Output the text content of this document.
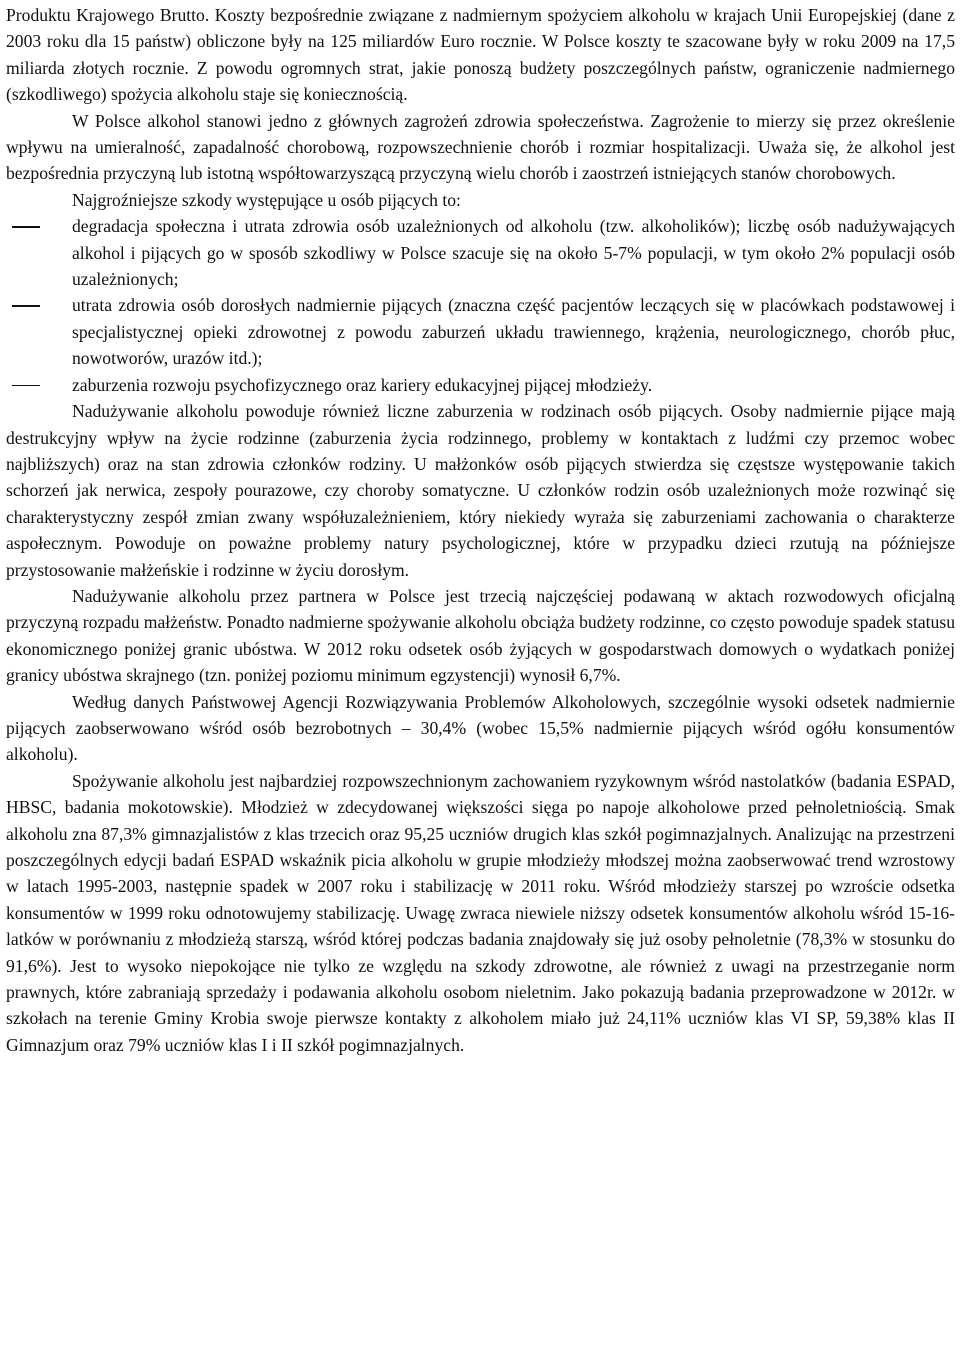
Produktu Krajowego Brutto. Koszty bezpośrednie związane z nadmiernym spożyciem alkoholu w krajach Unii Europejskiej (dane z 2003 roku dla 15 państw) obliczone były na 125 miliardów Euro rocznie. W Polsce koszty te szacowane były w roku 2009 na 17,5 miliarda złotych rocznie. Z powodu ogromnych strat, jakie ponoszą budżety poszczególnych państw, ograniczenie nadmiernego (szkodliwego) spożycia alkoholu staje się koniecznością.

W Polsce alkohol stanowi jedno z głównych zagrożeń zdrowia społeczeństwa. Zagrożenie to mierzy się przez określenie wpływu na umieralność, zapadalność chorobową, rozpowszechnienie chorób i rozmiar hospitalizacji. Uważa się, że alkohol jest bezpośrednia przyczyną lub istotną współtowarzyszącą przyczyną wielu chorób i zaostrzeń istniejących stanów chorobowych.

Najgroźniejsze szkody występujące u osób pijących to:

degradacja społeczna i utrata zdrowia osób uzależnionych od alkoholu (tzw. alkoholików); liczbę osób nadużywających alkohol i pijących go w sposób szkodliwy w Polsce szacuje się na około 5-7% populacji, w tym około 2% populacji osób uzależnionych;
utrata zdrowia osób dorosłych nadmiernie pijących (znaczna część pacjentów leczących się w placówkach podstawowej i specjalistycznej opieki zdrowotnej z powodu zaburzeń układu trawiennego, krążenia, neurologicznego, chorób płuc, nowotworów, urazów itd.);
zaburzenia rozwoju psychofizycznego oraz kariery edukacyjnej pijącej młodzieży.

Nadużywanie alkoholu powoduje również liczne zaburzenia w rodzinach osób pijących. Osoby nadmiernie pijące mają destrukcyjny wpływ na życie rodzinne (zaburzenia życia rodzinnego, problemy w kontaktach z ludźmi czy przemoc wobec najbliższych) oraz na stan zdrowia członków rodziny. U małżonków osób pijących stwierdza się częstsze występowanie takich schorzeń jak nerwica, zespoły pourazowe, czy choroby somatyczne. U członków rodzin osób uzależnionych może rozwinąć się charakterystyczny zespół zmian zwany współuzależnieniem, który niekiedy wyraża się zaburzeniami zachowania o charakterze aspołecznym. Powoduje on poważne problemy natury psychologicznej, które w przypadku dzieci rzutują na późniejsze przystosowanie małżeńskie i rodzinne w życiu dorosłym.

Nadużywanie alkoholu przez partnera w Polsce jest trzecią najczęściej podawaną w aktach rozwodowych oficjalną przyczyną rozpadu małżeństw. Ponadto nadmierne spożywanie alkoholu obciąża budżety rodzinne, co często powoduje spadek statusu ekonomicznego poniżej granic ubóstwa. W 2012 roku odsetek osób żyjących w gospodarstwach domowych o wydatkach poniżej granicy ubóstwa skrajnego (tzn. poniżej poziomu minimum egzystencji) wynosił 6,7%.

Według danych Państwowej Agencji Rozwiązywania Problemów Alkoholowych, szczególnie wysoki odsetek nadmiernie pijących zaobserwowano wśród osób bezrobotnych – 30,4% (wobec 15,5% nadmiernie pijących wśród ogółu konsumentów alkoholu).

Spożywanie alkoholu jest najbardziej rozpowszechnionym zachowaniem ryzykownym wśród nastolatków (badania ESPAD, HBSC, badania mokotowskie). Młodzież w zdecydowanej większości sięga po napoje alkoholowe przed pełnoletniością. Smak alkoholu zna 87,3% gimnazjalistów z klas trzecich oraz 95,25 uczniów drugich klas szkół pogimnazjalnych. Analizując na przestrzeni poszczególnych edycji badań ESPAD wskaźnik picia alkoholu w grupie młodzieży młodszej można zaobserwować trend wzrostowy w latach 1995-2003, następnie spadek w 2007 roku i stabilizację w 2011 roku. Wśród młodzieży starszej po wzroście odsetka konsumentów w 1999 roku odnotowujemy stabilizację. Uwagę zwraca niewiele niższy odsetek konsumentów alkoholu wśród 15-16-latków w porównaniu z młodzieżą starszą, wśród której podczas badania znajdowały się już osoby pełnoletnie (78,3% w stosunku do 91,6%). Jest to wysoko niepokojące nie tylko ze względu na szkody zdrowotne, ale również z uwagi na przestrzeganie norm prawnych, które zabraniają sprzedaży i podawania alkoholu osobom nieletnim. Jako pokazują badania przeprowadzone w 2012r. w szkołach na terenie Gminy Krobia swoje pierwsze kontakty z alkoholem miało już 24,11% uczniów klas VI SP, 59,38% klas II Gimnazjum oraz 79% uczniów klas I i II szkół pogimnazjalnych.
